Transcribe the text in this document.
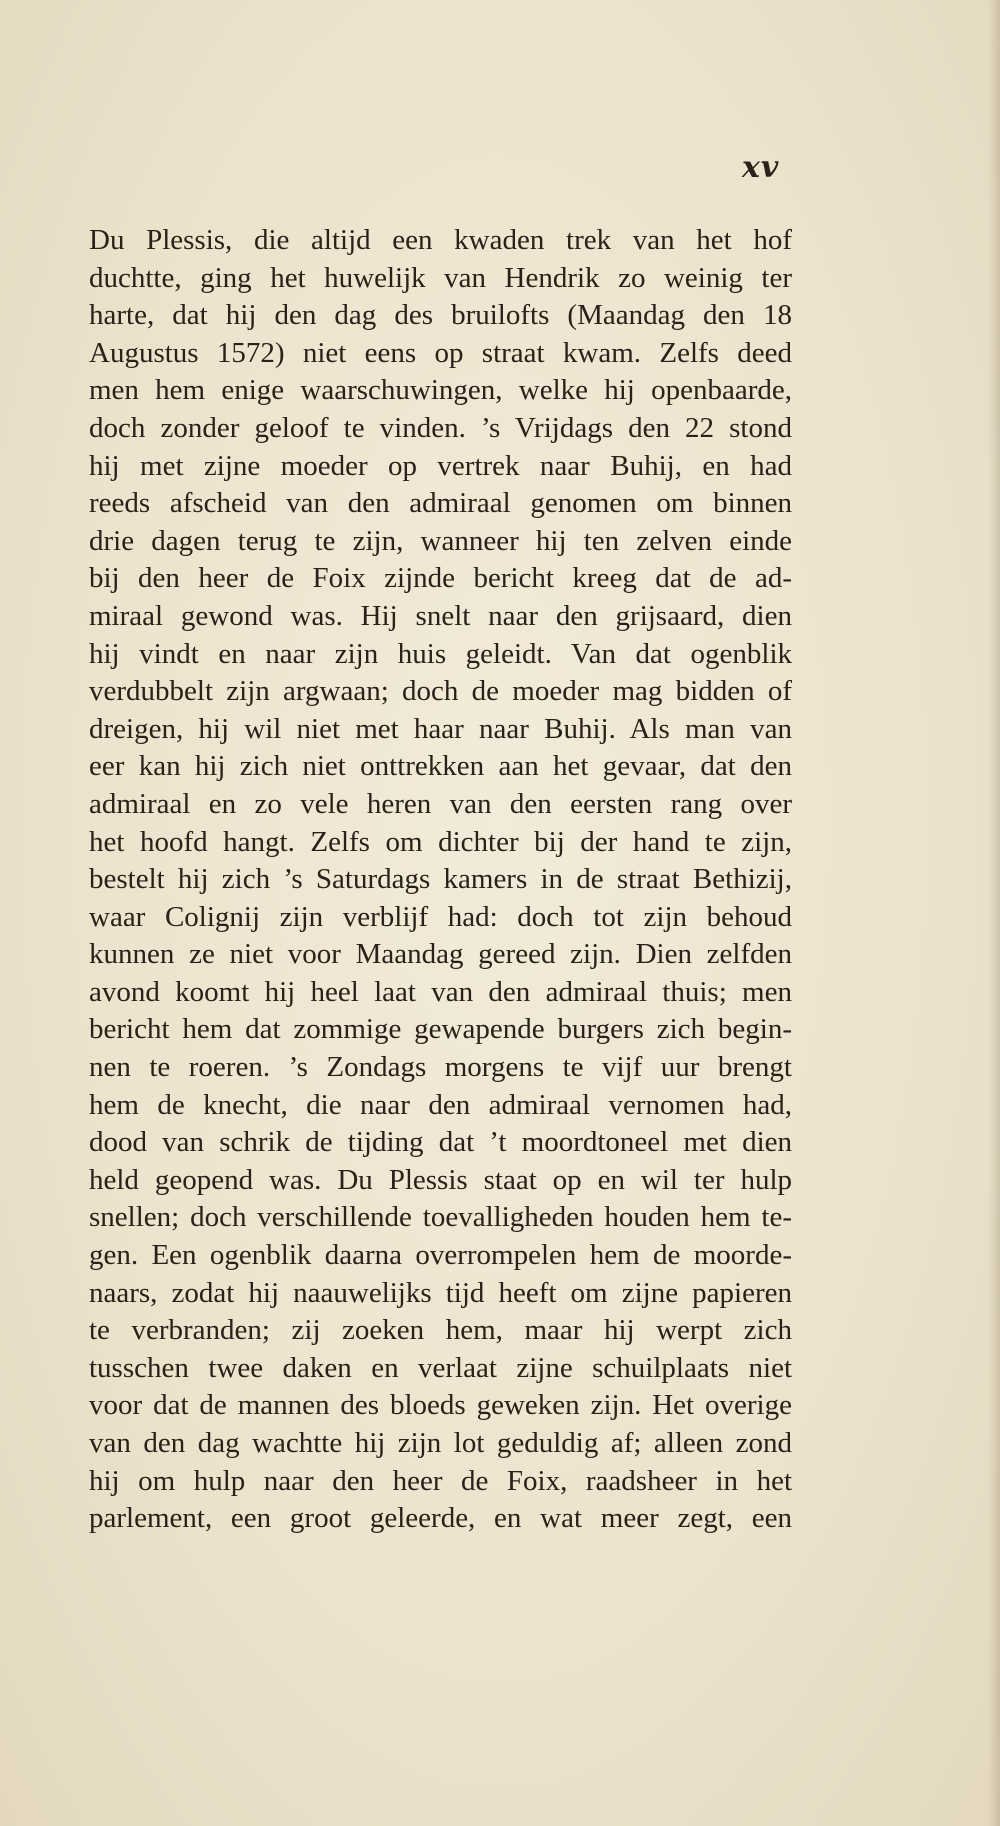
xv
Du Plessis, die altijd een kwaden trek van het hof
duchtte, ging het huwelijk van Hendrik zo weinig ter
harte, dat hij den dag des bruilofts (Maandag den 18
Augustus 1572) niet eens op straat kwam. Zelfs deed
men hem enige waarschuwingen, welke hij openbaarde,
doch zonder geloof te vinden. ’s Vrijdags den 22 stond
hij met zijne moeder op vertrek naar Buhij, en had
reeds afscheid van den admiraal genomen om binnen
drie dagen terug te zijn, wanneer hij ten zelven einde
bij den heer de Foix zijnde bericht kreeg dat de ad-
miraal gewond was. Hij snelt naar den grijsaard, dien
hij vindt en naar zijn huis geleidt. Van dat ogenblik
verdubbelt zijn argwaan; doch de moeder mag bidden of
dreigen, hij wil niet met haar naar Buhij. Als man van
eer kan hij zich niet onttrekken aan het gevaar, dat den
admiraal en zo vele heren van den eersten rang over
het hoofd hangt. Zelfs om dichter bij der hand te zijn,
bestelt hij zich ’s Saturdags kamers in de straat Bethizij,
waar Colignij zijn verblijf had: doch tot zijn behoud
kunnen ze niet voor Maandag gereed zijn. Dien zelfden
avond koomt hij heel laat van den admiraal thuis; men
bericht hem dat zommige gewapende burgers zich begin-
nen te roeren. ’s Zondags morgens te vijf uur brengt
hem de knecht, die naar den admiraal vernomen had,
dood van schrik de tijding dat ’t moordtoneel met dien
held geopend was. Du Plessis staat op en wil ter hulp
snellen; doch verschillende toevalligheden houden hem te-
gen. Een ogenblik daarna overrompelen hem de moorde-
naars, zodat hij naauwelijks tijd heeft om zijne papieren
te verbranden; zij zoeken hem, maar hij werpt zich
tusschen twee daken en verlaat zijne schuilplaats niet
voor dat de mannen des bloeds geweken zijn. Het overige
van den dag wachtte hij zijn lot geduldig af; alleen zond
hij om hulp naar den heer de Foix, raadsheer in het
parlement, een groot geleerde, en wat meer zegt, een
